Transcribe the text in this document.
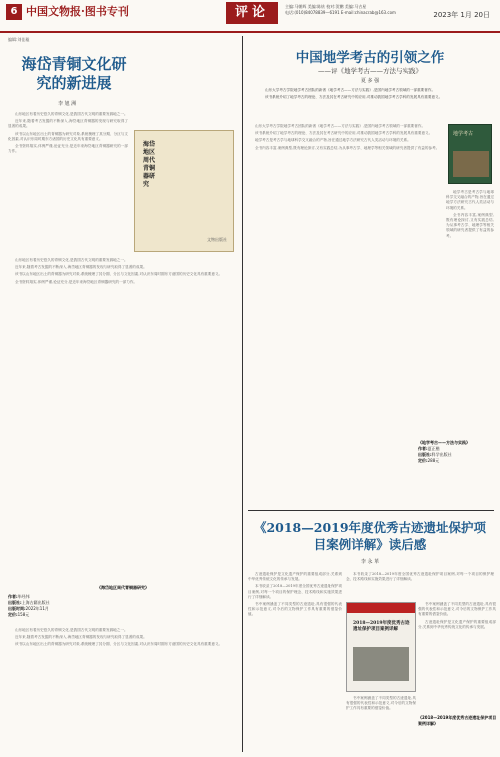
6 中国文物报·图书专刊	评论	主编:马朝辉 美编:陈炫 校对:贺鹏 美编:马吉星
电话:(010)84078839—6191 E-mail:chinacrab@163.com	2023年 1月 20日
编辑:刘佳璇
海岱青铜文化研究的新进展
李 旭 洲

山东地区有着历史悠久的青铜文化,是我国古代文明的重要发源地之一。

近年来,随着考古发掘的不断深入,海岱地区青铜器的发现与研究取得了显著的成果。

该书以山东地区出土的青铜器为研究对象,系统梳理了其分期、分区与文化因素,对认识东周时期东方诸国的历史文化具有重要意义。

全书资料翔实,体例严谨,论证充分,是近年来海岱地区青铜器研究的一部力作。

海岱地区周代青铜器研究
文物出版社

山东地区有着历史悠久的青铜文化,是我国古代文明的重要发源地之一。

近年来,随着考古发掘的不断深入,海岱地区青铜器的发现与研究取得了显著的成果。

该书以山东地区出土的青铜器为研究对象,系统梳理了其分期、分区与文化因素,对认识东周时期东方诸国的历史文化具有重要意义。

全书资料翔实,体例严谨,论证充分,是近年来海岱地区青铜器研究的一部力作。

《海岱地区周代青铜器研究》
作者:毕经纬
出版社:上海古籍出版社
出版时间:2022年11月
定价:158元

山东地区有着历史悠久的青铜文化,是我国古代文明的重要发源地之一。

近年来,随着考古发掘的不断深入,海岱地区青铜器的发现与研究取得了显著的成果。

该书以山东地区出土的青铜器为研究对象,系统梳理了其分期、分区与文化因素,对认识东周时期东方诸国的历史文化具有重要意义。

中国地学考古的引领之作
——评《地学考古——方法与实践》
夏 多 强

山东大学考古学院地学考古团队的新著《地学考古——方法与实践》,是国内地学考古领域的一部重要著作。

该书系统介绍了地学考古的理论、方法及其在考古研究中的应用,对推动我国地学考古学科的发展具有重要意义。

山东大学考古学院地学考古团队的新著《地学考古——方法与实践》,是国内地学考古领域的一部重要著作。

该书系统介绍了地学考古的理论、方法及其在考古研究中的应用,对推动我国地学考古学科的发展具有重要意义。

地学考古是考古学与地球科学交叉融合的产物,旨在通过地学方法研究古代人类活动与环境的关系。

全书内容丰富,案例典型,既有理论探讨,又有实践总结,为从事考古学、地理学等相关领域的研究者提供了有益的参考。

地学考古

地学考古是考古学与地球科学交叉融合的产物,旨在通过地学方法研究古代人类活动与环境的关系。

全书内容丰富,案例典型,既有理论探讨,又有实践总结,为从事考古学、地理学等相关领域的研究者提供了有益的参考。

《地学考古——方法与实践》
作者:夏正楷
出版社:科学出版社
定价:288元
《2018—2019年度优秀古迹遗址保护项目案例详解》读后感
李 永 革

古迹遗址保护是文化遗产保护的重要组成部分,关系到中华优秀传统文化的传承与发展。

本书收录了2018—2019年度全国优秀古迹遗址保护项目案例,对每一个项目的保护理念、技术路线和实施效果进行了详细解读。

书中案例涵盖了不同类型的古迹遗址,具有很强的代表性和示范意义,对今后的文物保护工作具有重要的借鉴价值。

2018—2019年度优秀古迹遗址保护项目案例详解

本书收录了2018—2019年度全国优秀古迹遗址保护项目案例,对每一个项目的保护理念、技术路线和实施效果进行了详细解读。

书中案例涵盖了不同类型的古迹遗址,具有很强的代表性和示范意义,对今后的文物保护工作具有重要的借鉴价值。

古迹遗址保护是文化遗产保护的重要组成部分,关系到中华优秀传统文化的传承与发展。

书中案例涵盖了不同类型的古迹遗址,具有很强的代表性和示范意义,对今后的文物保护工作具有重要的借鉴价值。

《2018—2019年度优秀古迹遗址保护项目案例详解》
